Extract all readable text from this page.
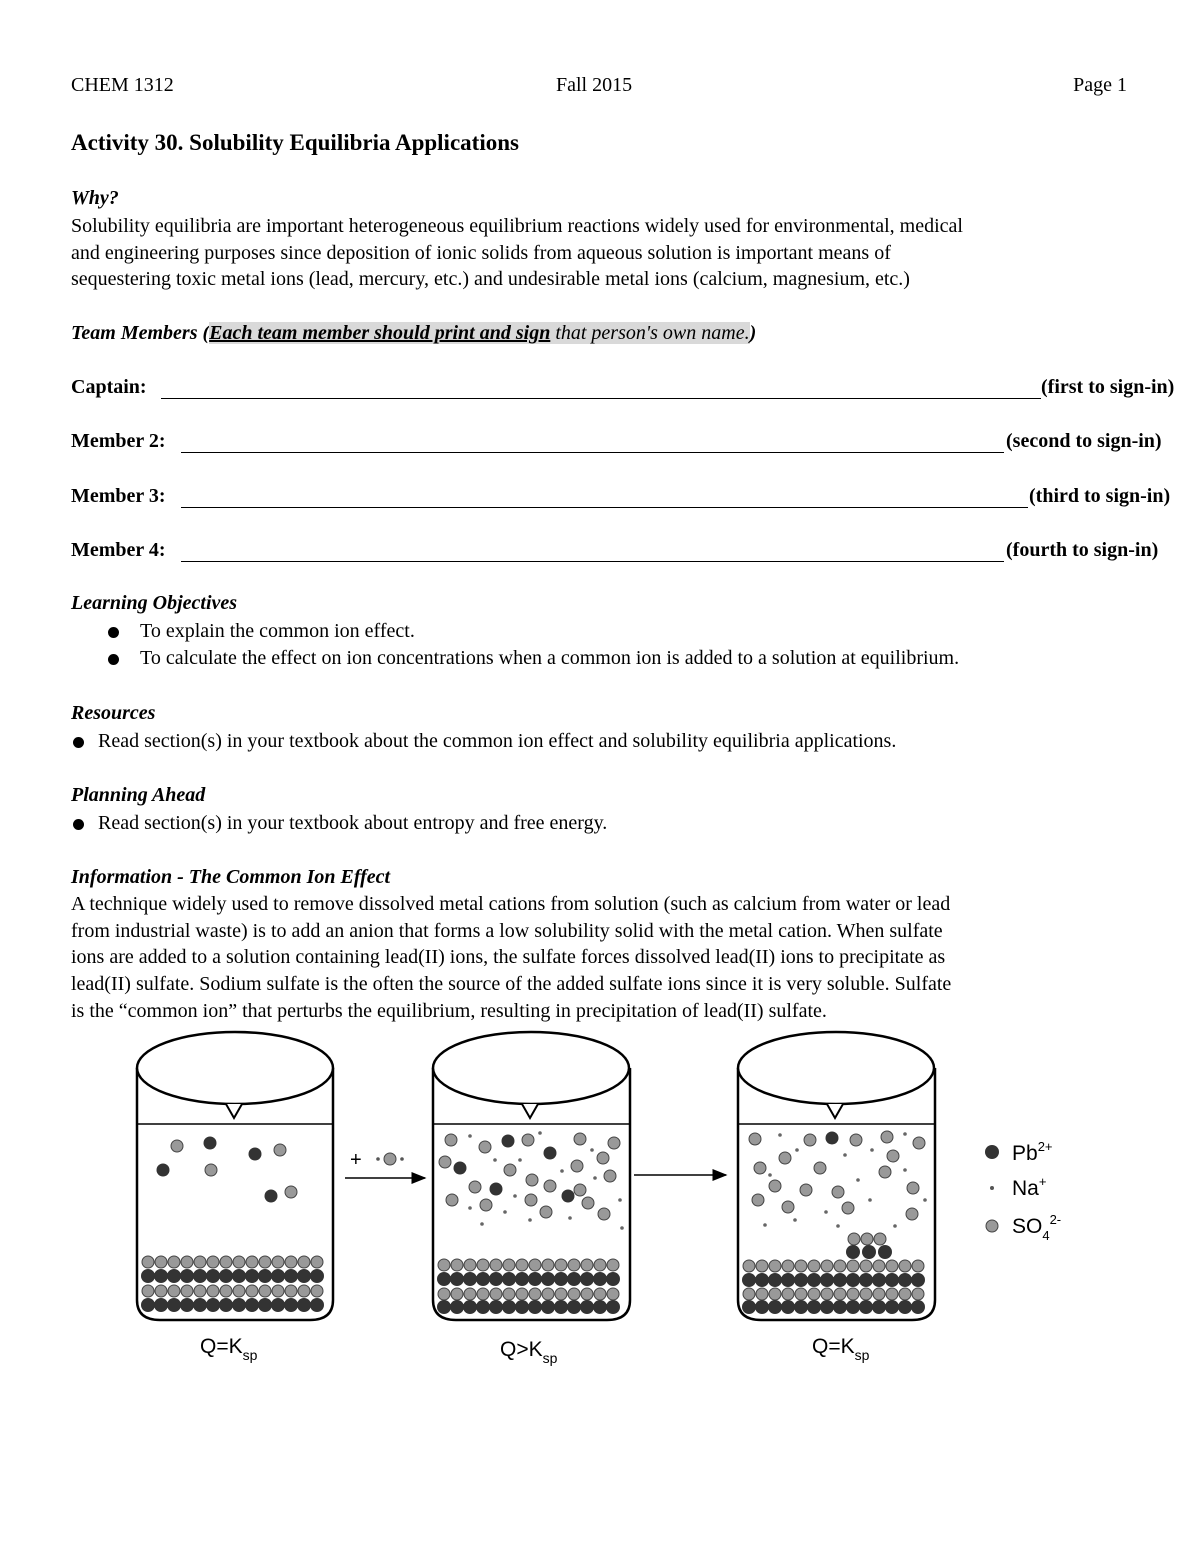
CHEM 1312	Fall 2015	Page 1
Activity 30. Solubility Equilibria Applications
Why?
Solubility equilibria are important heterogeneous equilibrium reactions widely used for environmental, medical
and engineering purposes since deposition of ionic solids from aqueous solution is important means of
sequestering toxic metal ions (lead, mercury, etc.) and undesirable metal ions (calcium, magnesium, etc.)
Team Members (Each team member should print and sign that person's own name.)
Captain:	(first to sign-in)
Member 2:	(second to sign-in)
Member 3:	(third to sign-in)
Member 4:	(fourth to sign-in)
Learning Objectives
To explain the common ion effect.
To calculate the effect on ion concentrations when a common ion is added to a solution at equilibrium.
Resources
Read section(s) in your textbook about the common ion effect and solubility equilibria applications.
Planning Ahead
Read section(s) in your textbook about entropy and free energy.
Information - The Common Ion Effect
A technique widely used to remove dissolved metal cations from solution (such as calcium from water or lead
from industrial waste) is to add an anion that forms a low solubility solid with the metal cation. When sulfate
ions are added to a solution containing lead(II) ions, the sulfate forces dissolved lead(II) ions to precipitate as
lead(II) sulfate. Sodium sulfate is the often the source of the added sulfate ions since it is very soluble. Sulfate
is the “common ion” that perturbs the equilibrium, resulting in precipitation of lead(II) sulfate.
$Q=K_{sp}$
+
$Q>K_{sp}$	$Q=K_{sp}$
$Pb^{2+}$
Na+
$SO_4^{2-}$
